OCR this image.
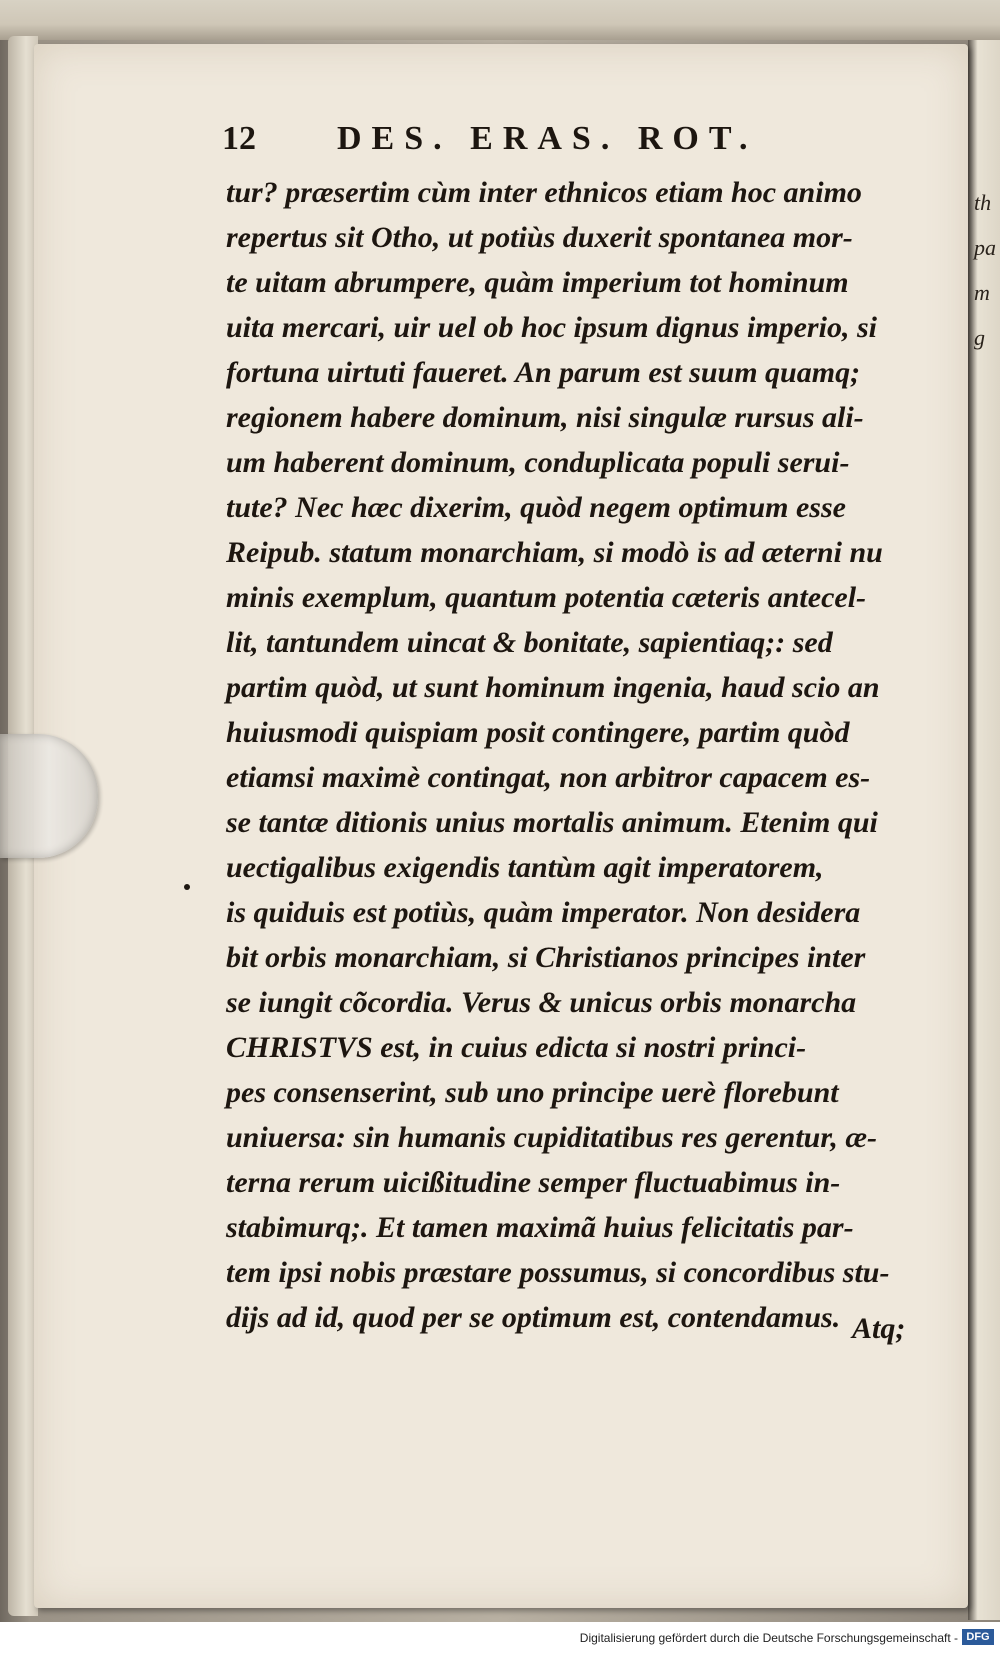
th
pa
m
g
12 DES. ERAS. ROT.
tur? præsertim cùm inter ethnicos etiam hoc animo
repertus sit Otho, ut potiùs duxerit spontanea mor-
te uitam abrumpere, quàm imperium tot hominum
uita mercari, uir uel ob hoc ipsum dignus imperio, si
fortuna uirtuti faueret. An parum est suum quamq;
regionem habere dominum, nisi singulæ rursus ali-
um haberent dominum, conduplicata populi serui-
tute? Nec hæc dixerim, quòd negem optimum esse
Reipub. statum monarchiam, si modò is ad æterni nu
minis exemplum, quantum potentia cæteris antecel-
lit, tantundem uincat & bonitate, sapientiaq;: sed
partim quòd, ut sunt hominum ingenia, haud scio an
huiusmodi quispiam posit contingere, partim quòd
etiamsi maximè contingat, non arbitror capacem es-
se tantæ ditionis unius mortalis animum. Etenim qui
uectigalibus exigendis tantùm agit imperatorem,
is quiduis est potiùs, quàm imperator. Non desidera
bit orbis monarchiam, si Christianos principes inter
se iungit cõcordia. Verus & unicus orbis monarcha
CHRISTVS est, in cuius edicta si nostri princi-
pes consenserint, sub uno principe uerè florebunt
uniuersa: sin humanis cupiditatibus res gerentur, æ-
terna rerum uicißitudine semper fluctuabimus in-
stabimurq;. Et tamen maximã huius felicitatis par-
tem ipsi nobis præstare possumus, si concordibus stu-
dijs ad id, quod per se optimum est, contendamus. Atq;
Digitalisierung gefördert durch die Deutsche Forschungsgemeinschaft - DFG
